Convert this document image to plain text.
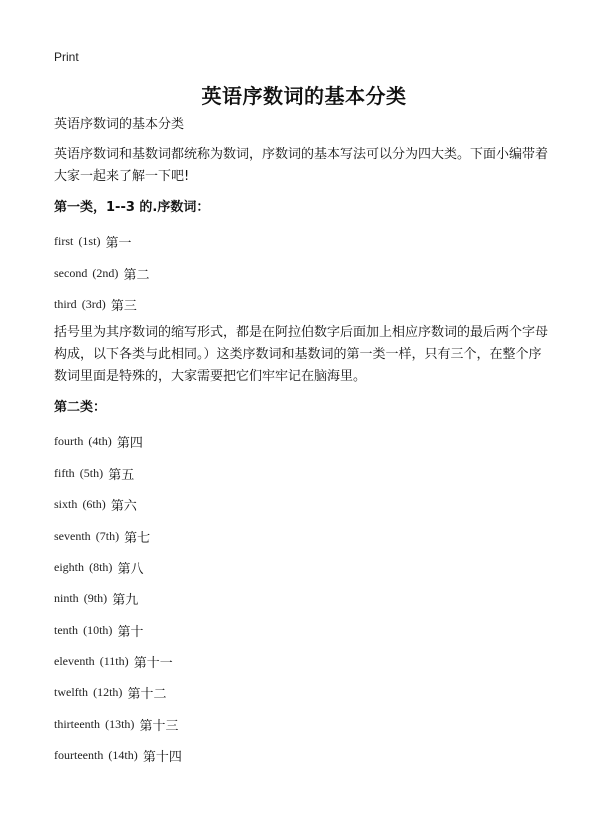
Print
英语序数词的基本分类

英语序数词的基本分类

英语序数词和基数词都统称为数词，序数词的基本写法可以分为四大类。下面小编带着大家一起来了解一下吧!

第一类，1--3 的.序数词：

first
(1st)
第一
second
(2nd)
第二
third
(3rd)
第三

括号里为其序数词的缩写形式，都是在阿拉伯数字后面加上相应序数词的最后两个字母构成，以下各类与此相同。）这类序数词和基数词的第一类一样，只有三个，在整个序数词里面是特殊的，大家需要把它们牢牢记在脑海里。

第二类：

fourth
(4th)
第四
fifth
(5th)
第五
sixth
(6th)
第六
seventh
(7th)
第七
eighth
(8th)
第八
ninth
(9th)
第九
tenth
(10th)
第十
eleventh
(11th)
第十一
twelfth
(12th)
第十二
thirteenth
(13th)
第十三
fourteenth
(14th)
第十四
